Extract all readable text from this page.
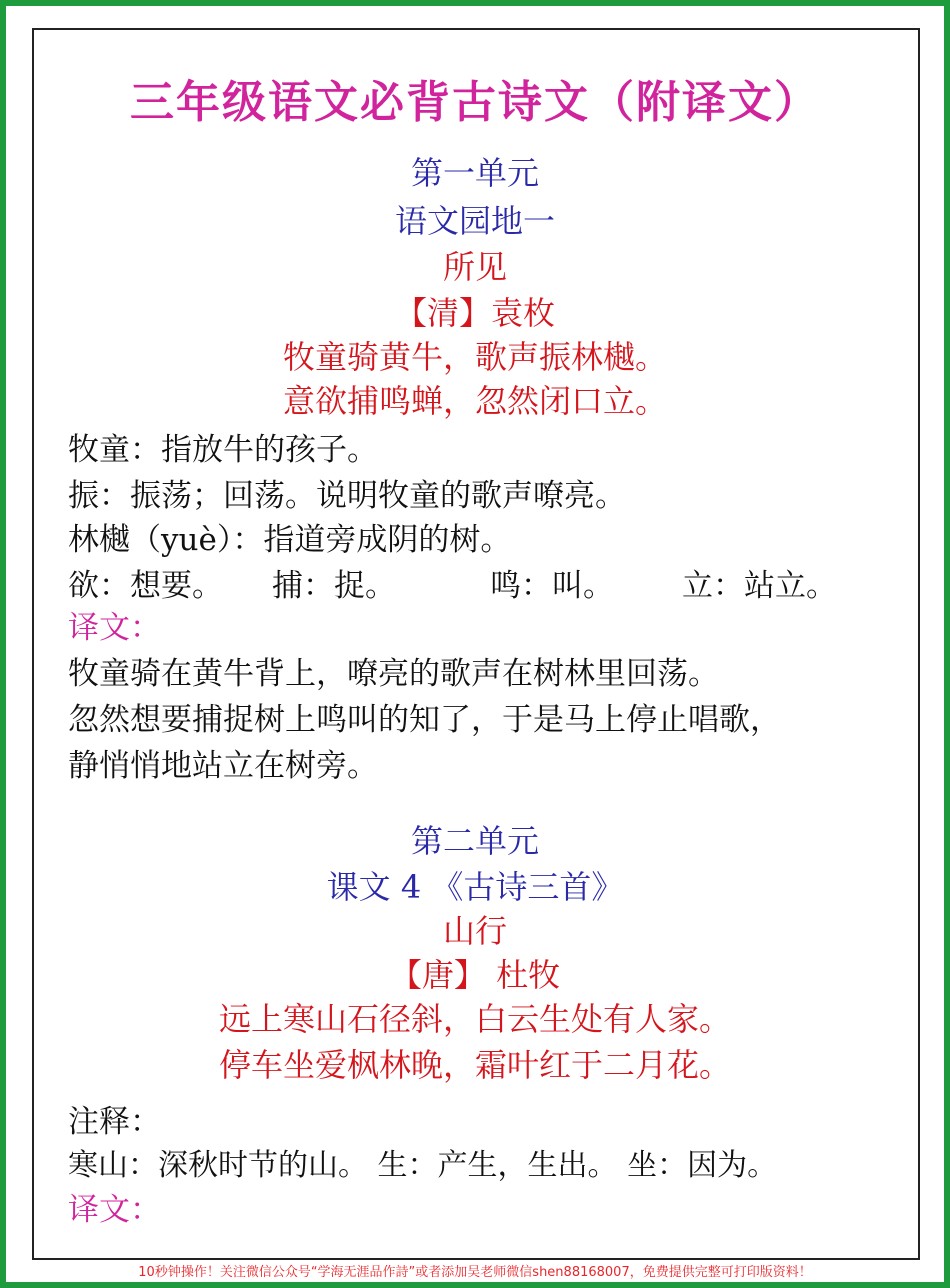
三年级语文必背古诗文（附译文）
第一单元
语文园地一
所见
【清】袁枚
牧童骑黄牛，歌声振林樾。
意欲捕鸣蝉，忽然闭口立。
牧童：指放牛的孩子。
振：振荡；回荡。说明牧童的歌声嘹亮。
林樾（yuè）：指道旁成阴的树。
欲：想要。 捕：捉。	鸣：叫。 立：站立。
译文：
牧童骑在黄牛背上，嘹亮的歌声在树林里回荡。
忽然想要捕捉树上鸣叫的知了，于是马上停止唱歌，
静悄悄地站立在树旁。
第二单元
课文 4 《古诗三首》
山行
【唐】 杜牧
远上寒山石径斜，白云生处有人家。
停车坐爱枫林晚，霜叶红于二月花。
注释：
寒山：深秋时节的山。 生：产生，生出。 坐：因为。
译文：
10秒钟操作！关注微信公众号“学海无涯品作詩”或者添加吴老师微信shen88168007，免费提供完整可打印版资料！
